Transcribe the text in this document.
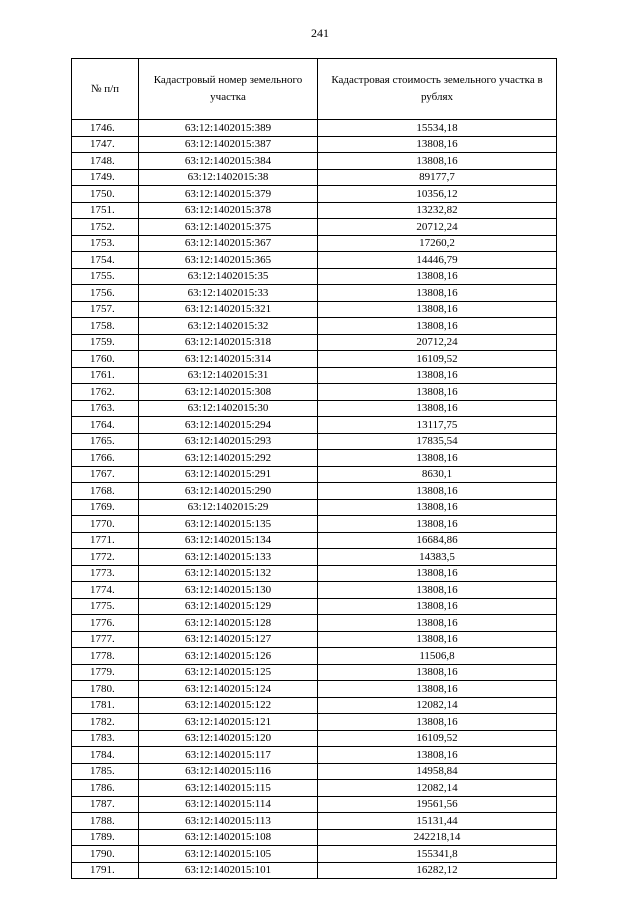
241
№ п/п	Кадастровый номер земельного участка	Кадастровая стоимость земельного участка в рублях
1746.	63:12:1402015:389	15534,18
1747.	63:12:1402015:387	13808,16
1748.	63:12:1402015:384	13808,16
1749.	63:12:1402015:38	89177,7
1750.	63:12:1402015:379	10356,12
1751.	63:12:1402015:378	13232,82
1752.	63:12:1402015:375	20712,24
1753.	63:12:1402015:367	17260,2
1754.	63:12:1402015:365	14446,79
1755.	63:12:1402015:35	13808,16
1756.	63:12:1402015:33	13808,16
1757.	63:12:1402015:321	13808,16
1758.	63:12:1402015:32	13808,16
1759.	63:12:1402015:318	20712,24
1760.	63:12:1402015:314	16109,52
1761.	63:12:1402015:31	13808,16
1762.	63:12:1402015:308	13808,16
1763.	63:12:1402015:30	13808,16
1764.	63:12:1402015:294	13117,75
1765.	63:12:1402015:293	17835,54
1766.	63:12:1402015:292	13808,16
1767.	63:12:1402015:291	8630,1
1768.	63:12:1402015:290	13808,16
1769.	63:12:1402015:29	13808,16
1770.	63:12:1402015:135	13808,16
1771.	63:12:1402015:134	16684,86
1772.	63:12:1402015:133	14383,5
1773.	63:12:1402015:132	13808,16
1774.	63:12:1402015:130	13808,16
1775.	63:12:1402015:129	13808,16
1776.	63:12:1402015:128	13808,16
1777.	63:12:1402015:127	13808,16
1778.	63:12:1402015:126	11506,8
1779.	63:12:1402015:125	13808,16
1780.	63:12:1402015:124	13808,16
1781.	63:12:1402015:122	12082,14
1782.	63:12:1402015:121	13808,16
1783.	63:12:1402015:120	16109,52
1784.	63:12:1402015:117	13808,16
1785.	63:12:1402015:116	14958,84
1786.	63:12:1402015:115	12082,14
1787.	63:12:1402015:114	19561,56
1788.	63:12:1402015:113	15131,44
1789.	63:12:1402015:108	242218,14
1790.	63:12:1402015:105	155341,8
1791.	63:12:1402015:101	16282,12
